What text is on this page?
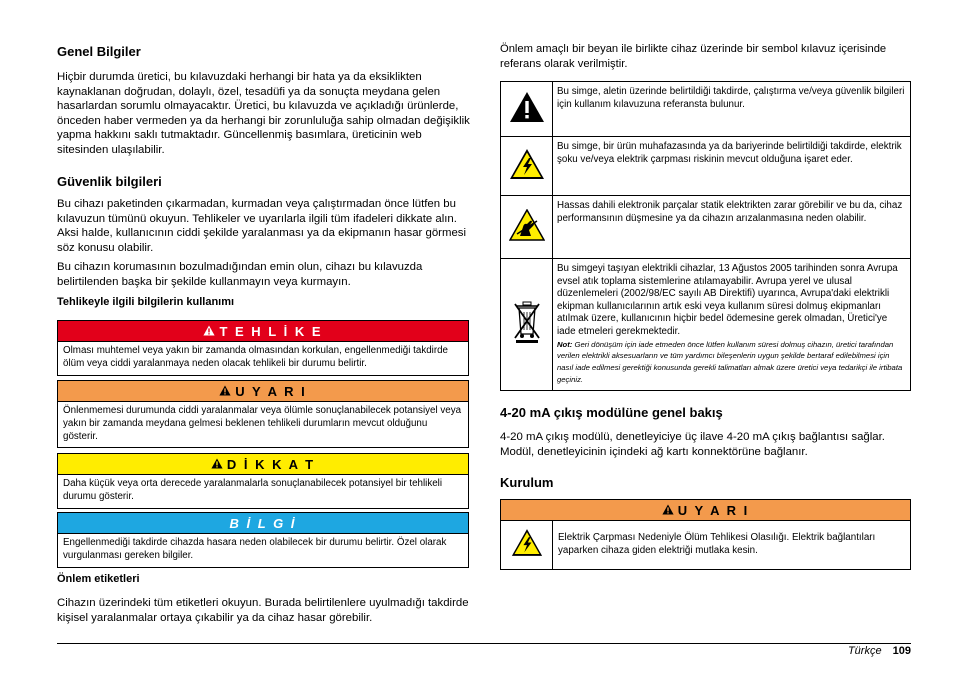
Genel Bilgiler

Hiçbir durumda üretici, bu kılavuzdaki herhangi bir hata ya da eksiklikten kaynaklanan doğrudan, dolaylı, özel, tesadüfi ya da sonuçta meydana gelen hasarlardan sorumlu olmayacaktır. Üretici, bu kılavuzda ve açıkladığı ürünlerde, önceden haber vermeden ya da herhangi bir zorunluluğa sahip olmadan değişiklik yapma hakkını saklı tutmaktadır. Güncellenmiş basımlara, üreticinin web sitesinden ulaşılabilir.

Güvenlik bilgileri

Bu cihazı paketinden çıkarmadan, kurmadan veya çalıştırmadan önce lütfen bu kılavuzun tümünü okuyun. Tehlikeler ve uyarılarla ilgili tüm ifadeleri dikkate alın. Aksi halde, kullanıcının ciddi şekilde yaralanması ya da ekipmanın hasar görmesi söz konusu olabilir.

Bu cihazın korumasının bozulmadığından emin olun, cihazı bu kılavuzda belirtilenden başka bir şekilde kullanmayın veya kurmayın.

Tehlikeyle ilgili bilgilerin kullanımı
T E H L İ K E
Olması muhtemel veya yakın bir zamanda olmasından korkulan, engellenmediği takdirde ölüm veya ciddi yaralanmaya neden olacak tehlikeli bir durumu belirtir.
U Y A R I
Önlenmemesi durumunda ciddi yaralanmalar veya ölümle sonuçlanabilecek potansiyel veya yakın bir zamanda meydana gelmesi beklenen tehlikeli durumların mevcut olduğunu gösterir.
D İ K K A T
Daha küçük veya orta derecede yaralanmalarla sonuçlanabilecek potansiyel bir tehlikeli durumu gösterir.
B İ L G İ
Engellenmediği takdirde cihazda hasara neden olabilecek bir durumu belirtir. Özel olarak vurgulanması gereken bilgiler.
Önlem etiketleri

Cihazın üzerindeki tüm etiketleri okuyun. Burada belirtilenlere uyulmadığı takdirde kişisel yaralanmalar ortaya çıkabilir ya da cihaz hasar görebilir.

Önlem amaçlı bir beyan ile birlikte cihaz üzerinde bir sembol kılavuz içerisinde referans olarak verilmiştir.

	Bu simge, aletin üzerinde belirtildiği takdirde, çalıştırma ve/veya güvenlik bilgileri için kullanım kılavuzuna referansta bulunur.
	Bu simge, bir ürün muhafazasında ya da bariyerinde belirtildiği takdirde, elektrik şoku ve/veya elektrik çarpması riskinin mevcut olduğuna işaret eder.
	Hassas dahili elektronik parçalar statik elektrikten zarar görebilir ve bu da, cihaz performansının düşmesine ya da cihazın arızalanmasına neden olabilir.

Bu simgeyi taşıyan elektrikli cihazlar, 13 Ağustos 2005 tarihinden sonra Avrupa evsel atık toplama sistemlerine atılamayabilir. Avrupa yerel ve ulusal düzenlemeleri (2002/98/EC sayılı AB Direktifi) uyarınca, Avrupa'daki elektrikli ekipman kullanıcılarının artık eski veya kullanım süresi dolmuş ekipmanları atılmak üzere, kullanıcının hiçbir bedel ödemesine gerek olmadan, Üretici'ye iade etmeleri gerekmektedir.
Not: Geri dönüşüm için iade etmeden önce lütfen kullanım süresi dolmuş cihazın, üretici tarafından verilen elektrikli aksesuarların ve tüm yardımcı bileşenlerin uygun şekilde bertaraf edilebilmesi için nasıl iade edilmesi gerektiği konusunda gerekli talimatları almak üzere üretici veya tedarikçi ile irtibata geçiniz.
4-20 mA çıkış modülüne genel bakış

4-20 mA çıkış modülü, denetleyiciye üç ilave 4-20 mA çıkış bağlantısı sağlar. Modül, denetleyicinin içindeki ağ kartı konnektörüne bağlanır.

Kurulum
U Y A R I
Elektrik Çarpması Nedeniyle Ölüm Tehlikesi Olasılığı. Elektrik bağlantıları yaparken cihaza giden elektriği mutlaka kesin.
Türkçe 109
